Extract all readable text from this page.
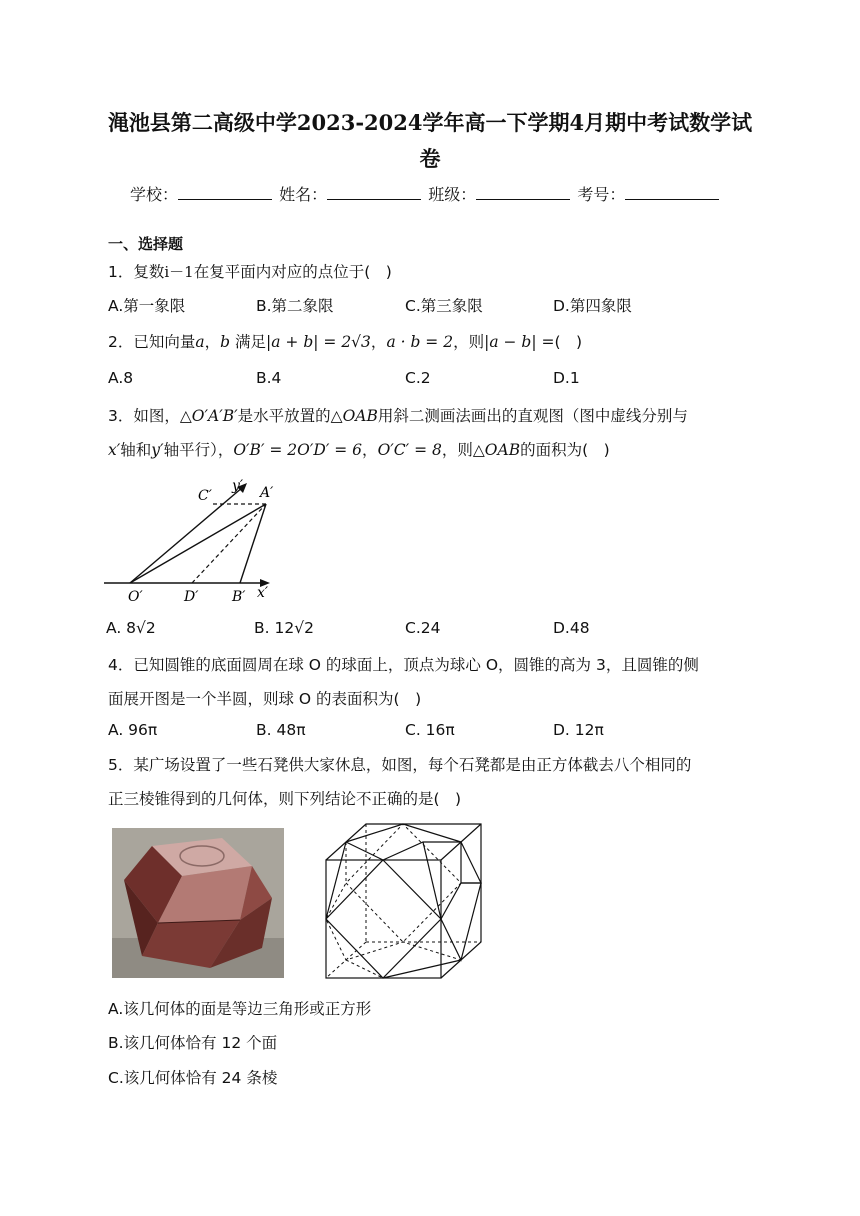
渑池县第二高级中学2023-2024学年高一下学期4月期中考试数学试
卷
学校：	姓名：	班级：	考号：
一、选择题
1．复数i－1在复平面内对应的点位于(　)
A.第一象限	B.第二象限	C.第三象限	D.第四象限
2．已知向量a，b 满足|a + b| = 2√3，a · b = 2，则|a − b| =(　)
A.8	B.4	C.2	D.1
3．如图，△O′A′B′是水平放置的△OAB用斜二测画法画出的直观图（图中虚线分别与
x′轴和y′轴平行），O′B′ = 2O′D′ = 6，O′C′ = 8，则△OAB的面积为(　)
C′
y′ A′
O′	D′ B′ x′
A. 8√2	B. 12√2	C.24	D.48
4．已知圆锥的底面圆周在球 O 的球面上，顶点为球心 O，圆锥的高为 3，且圆锥的侧
面展开图是一个半圆，则球 O 的表面积为(　)
A. 96π	B. 48π	C. 16π	D. 12π
5．某广场设置了一些石凳供大家休息，如图，每个石凳都是由正方体截去八个相同的
正三棱锥得到的几何体，则下列结论不正确的是(　)
A.该几何体的面是等边三角形或正方形
B.该几何体恰有 12 个面
C.该几何体恰有 24 条棱
